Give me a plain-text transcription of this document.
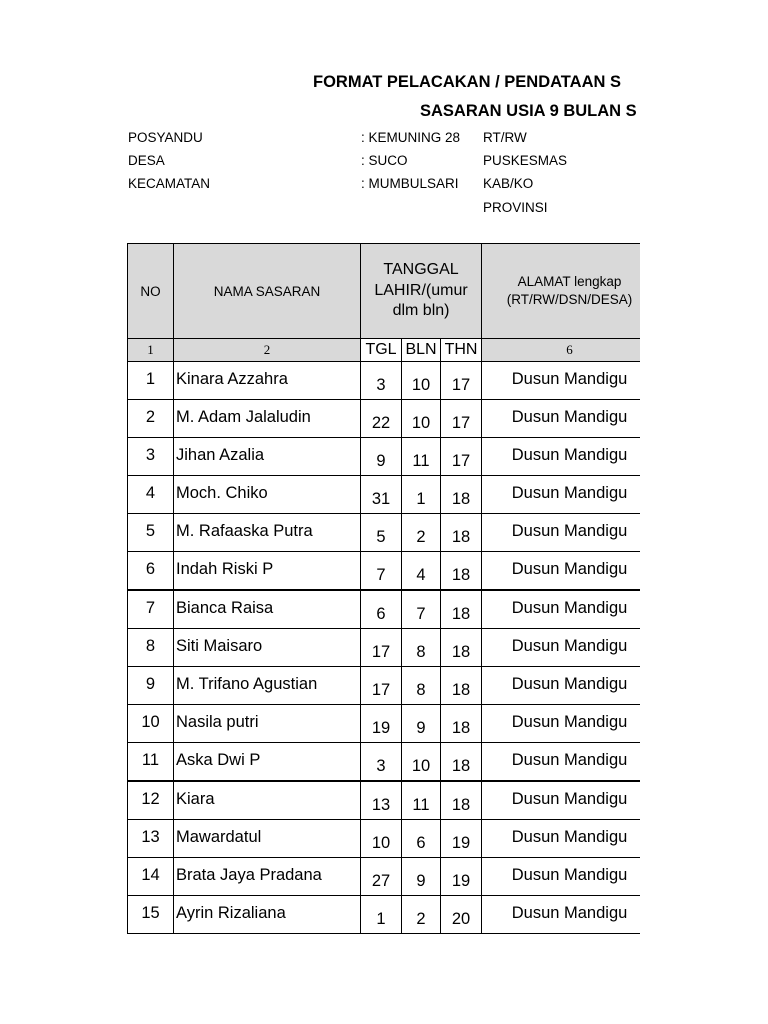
FORMAT PELACAKAN / PENDATAAN S
SASARAN USIA 9 BULAN S
POSYANDU	: KEMUNING 28 RT/RW
DESA	: SUCO	PUSKESMAS
KECAMATAN	: MUMBULSARI KAB/KO
PROVINSI
NO	NAMA SASARAN	TANGGAL LAHIR/(umur dlm bln)			ALAMAT lengkap (RT/RW/DSN/DESA)
1	2	TGL	BLN	THN	6
1	Kinara Azzahra	3	10	17	Dusun Mandigu
2	M. Adam Jalaludin	22	10	17	Dusun Mandigu
3	Jihan Azalia	9	11	17	Dusun Mandigu
4	Moch. Chiko	31	1	18	Dusun Mandigu
5	M. Rafaaska Putra	5	2	18	Dusun Mandigu
6	Indah Riski P	7	4	18	Dusun Mandigu
7	Bianca Raisa	6	7	18	Dusun Mandigu
8	Siti Maisaro	17	8	18	Dusun Mandigu
9	M. Trifano Agustian	17	8	18	Dusun Mandigu
10	Nasila putri	19	9	18	Dusun Mandigu
11	Aska Dwi P	3	10	18	Dusun Mandigu
12	Kiara	13	11	18	Dusun Mandigu
13	Mawardatul	10	6	19	Dusun Mandigu
14	Brata Jaya Pradana	27	9	19	Dusun Mandigu
15	Ayrin Rizaliana	1	2	20	Dusun Mandigu
